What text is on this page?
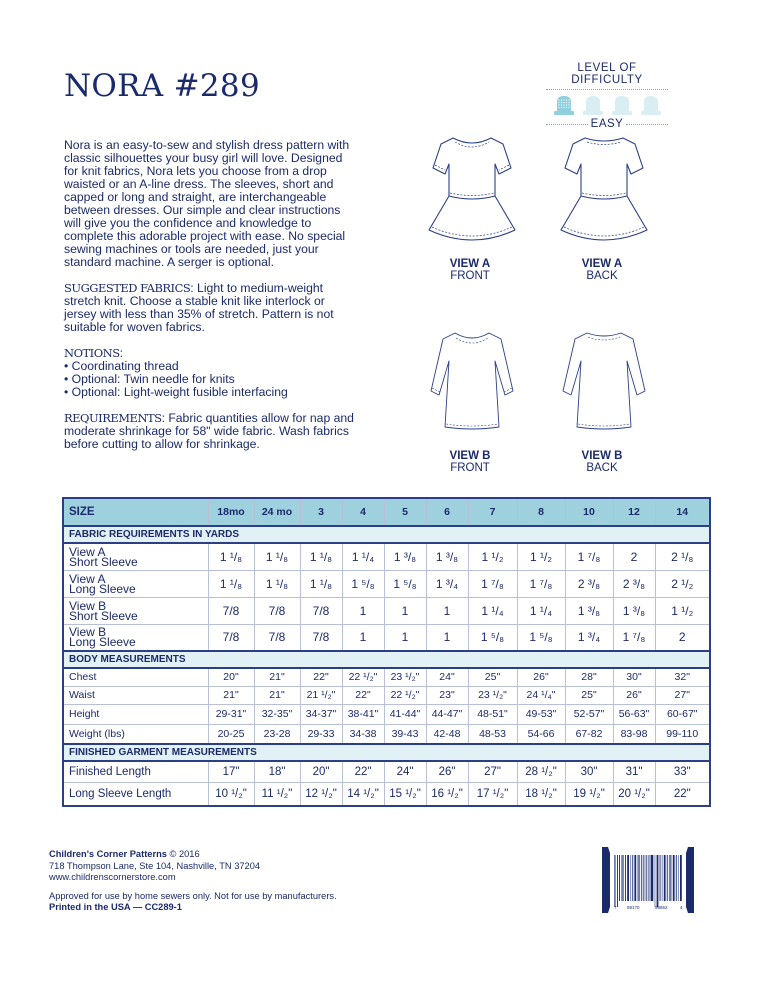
NORA #289	LEVEL OF DIFFICULTY
EASY

Nora is an easy-to-sew and stylish dress pattern with classic silhouettes your busy girl will love. Designed for knit fabrics, Nora lets you choose from a drop waisted or an A-line dress. The sleeves, short and capped or long and straight, are interchangeable between dresses. Our simple and clear instructions will give you the confidence and knowledge to complete this adorable project with ease. No special sewing machines or tools are needed, just your standard machine. A serger is optional.

SUGGESTED FABRICS: Light to medium-weight stretch knit. Choose a stable knit like interlock or jersey with less than 35% of stretch. Pattern is not suitable for woven fabrics.

NOTIONS:
• Coordinating thread
• Optional: Twin needle for knits
• Optional: Light-weight fusible interfacing

REQUIREMENTS: Fabric quantities allow for nap and moderate shrinkage for 58" wide fabric. Wash fabrics before cutting to allow for shrinkage.

VIEW A
FRONT
VIEW A
BACK
VIEW B
FRONT
VIEW B
BACK
SIZE	18mo	24 mo	3	4	5	6	7	8	10	12	14
FABRIC REQUIREMENTS IN YARDS											
View A
Short Sleeve	1 ¹/₈	1 ¹/₈	1 ¹/₈	1 ¹/₄	1 ³/₈	1 ³/₈	1 ¹/₂	1 ¹/₂	1 ⁷/₈	2	2 ¹/₈
View A
Long Sleeve	1 ¹/₈	1 ¹/₈	1 ¹/₈	1 ⁵/₈	1 ⁵/₈	1 ³/₄	1 ⁷/₈	1 ⁷/₈	2 ³/₈	2 ³/₈	2 ¹/₂
View B
Short Sleeve	7/8	7/8	7/8	1	1	1	1 ¹/₄	1 ¹/₄	1 ³/₈	1 ³/₈	1 ¹/₂
View B
Long Sleeve	7/8	7/8	7/8	1	1	1	1 ⁵/₈	1 ⁵/₈	1 ³/₄	1 ⁷/₈	2
BODY MEASUREMENTS											
Chest	20"	21"	22"	22 ¹/₂"	23 ¹/₂"	24"	25"	26"	28"	30"	32"
Waist	21"	21"	21 ¹/₂"	22"	22 ¹/₂"	23"	23 ¹/₂"	24 ¹/₄"	25"	26"	27"
Height	29-31"	32-35"	34-37"	38-41"	41-44"	44-47"	48-51"	49-53"	52-57"	56-63"	60-67"
Weight (lbs)	20-25	23-28	29-33	34-38	39-43	42-48	48-53	54-66	67-82	83-98	99-110
FINISHED GARMENT MEASUREMENTS											
Finished Length	17"	18"	20"	22"	24"	26"	27"	28 ¹/₂"	30"	31"	33"
Long Sleeve Length	10 ¹/₂"	11 ¹/₂"	12 ¹/₂"	14 ¹/₂"	15 ¹/₂"	16 ¹/₂"	17 ¹/₂"	18 ¹/₂"	19 ¹/₂"	20 ¹/₂"	22"
Children's Corner Patterns © 2016
718 Thompson Lane, Ste 104, Nashville, TN 37204
www.childrenscornerstore.com
Approved for use by home sewers only. Not for use by manufacturers.
Printed in the USA — CC289-1	7 59170	98862	4
